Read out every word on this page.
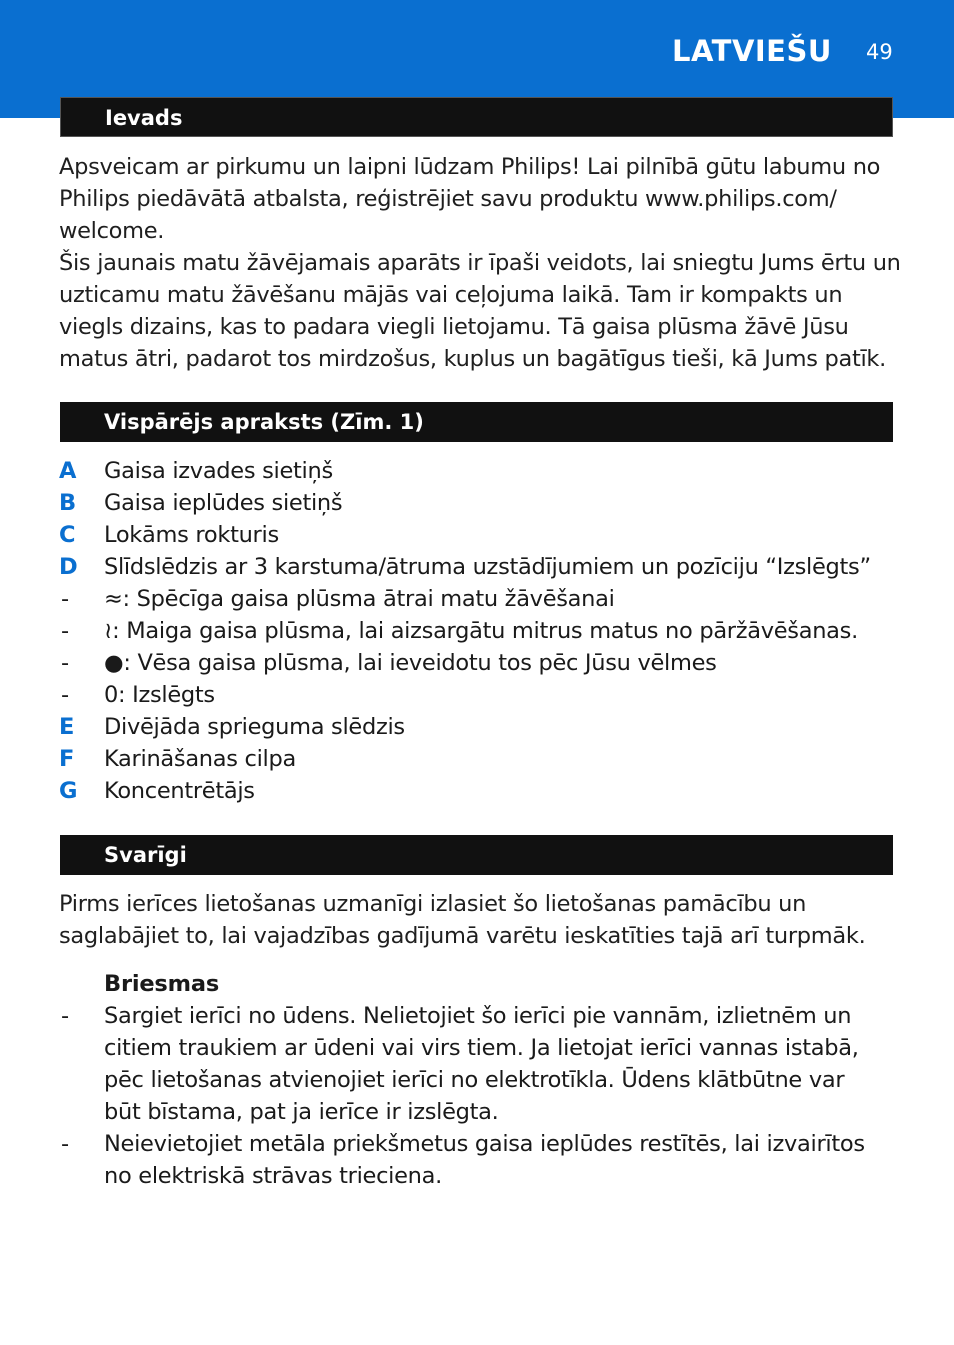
LATVIEŠU 49
Ievads
Apsveicam ar pirkumu un laipni lūdzam Philips! Lai pilnībā gūtu labumu no
Philips piedāvātā atbalsta, reģistrējiet savu produktu www.philips.com/
welcome.
Šis jaunais matu žāvējamais aparāts ir īpaši veidots, lai sniegtu Jums ērtu un
uzticamu matu žāvēšanu mājās vai ceļojuma laikā. Tam ir kompakts un
viegls dizains, kas to padara viegli lietojamu. Tā gaisa plūsma žāvē Jūsu
matus ātri, padarot tos mirdzošus, kuplus un bagātīgus tieši, kā Jums patīk.
Vispārējs apraksts (Zīm. 1)
A Gaisa izvades sietiņš
B Gaisa ieplūdes sietiņš
C Lokāms rokturis
D Slīdslēdzis ar 3 karstuma/ātruma uzstādījumiem un pozīciju “Izslēgts”
- ≈: Spēcīga gaisa plūsma ātrai matu žāvēšanai
- ≀: Maiga gaisa plūsma, lai aizsargātu mitrus matus no pāržāvēšanas.
- ●: Vēsa gaisa plūsma, lai ieveidotu tos pēc Jūsu vēlmes
- 0: Izslēgts
E Divējāda sprieguma slēdzis
F Karināšanas cilpa
G Koncentrētājs
Svarīgi
Pirms ierīces lietošanas uzmanīgi izlasiet šo lietošanas pamācību un
saglabājiet to, lai vajadzības gadījumā varētu ieskatīties tajā arī turpmāk.
Briesmas
- Sargiet ierīci no ūdens. Nelietojiet šo ierīci pie vannām, izlietnēm un
citiem traukiem ar ūdeni vai virs tiem. Ja lietojat ierīci vannas istabā,
pēc lietošanas atvienojiet ierīci no elektrotīkla. Ūdens klātbūtne var
būt bīstama, pat ja ierīce ir izslēgta.
- Neievietojiet metāla priekšmetus gaisa ieplūdes restītēs, lai izvairītos
no elektriskā strāvas trieciena.
